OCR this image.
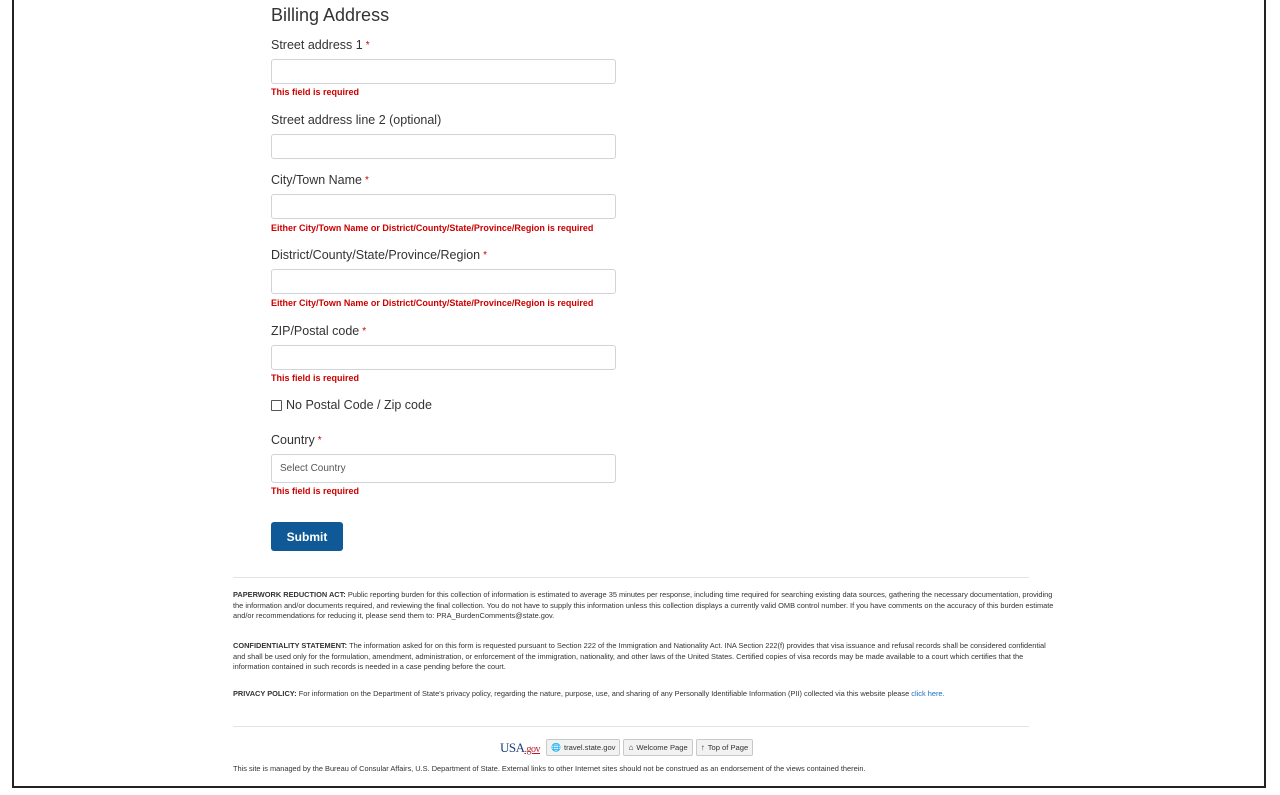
Billing Address
Street address 1 *
This field is required
Street address line 2 (optional)
City/Town Name *
Either City/Town Name or District/County/State/Province/Region is required
District/County/State/Province/Region *
Either City/Town Name or District/County/State/Province/Region is required
ZIP/Postal code *
This field is required
No Postal Code / Zip code
Country *
Select Country
This field is required
Submit
PAPERWORK REDUCTION ACT: Public reporting burden for this collection of information is estimated to average 35 minutes per response, including time required for searching existing data sources, gathering the necessary documentation, providing the information and/or documents required, and reviewing the final collection. You do not have to supply this information unless this collection displays a currently valid OMB control number. If you have comments on the accuracy of this burden estimate and/or recommendations for reducing it, please send them to: PRA_BurdenComments@state.gov.
CONFIDENTIALITY STATEMENT: The information asked for on this form is requested pursuant to Section 222 of the Immigration and Nationality Act. INA Section 222(f) provides that visa issuance and refusal records shall be considered confidential and shall be used only for the formulation, amendment, administration, or enforcement of the immigration, nationality, and other laws of the United States. Certified copies of visa records may be made available to a court which certifies that the information contained in such records is needed in a case pending before the court.
PRIVACY POLICY: For information on the Department of State's privacy policy, regarding the nature, purpose, use, and sharing of any Personally Identifiable Information (PII) collected via this website please click here.
USA.gov 🌐 travel.state.gov ⌂ Welcome Page ↑ Top of Page
This site is managed by the Bureau of Consular Affairs, U.S. Department of State. External links to other Internet sites should not be construed as an endorsement of the views contained therein.
